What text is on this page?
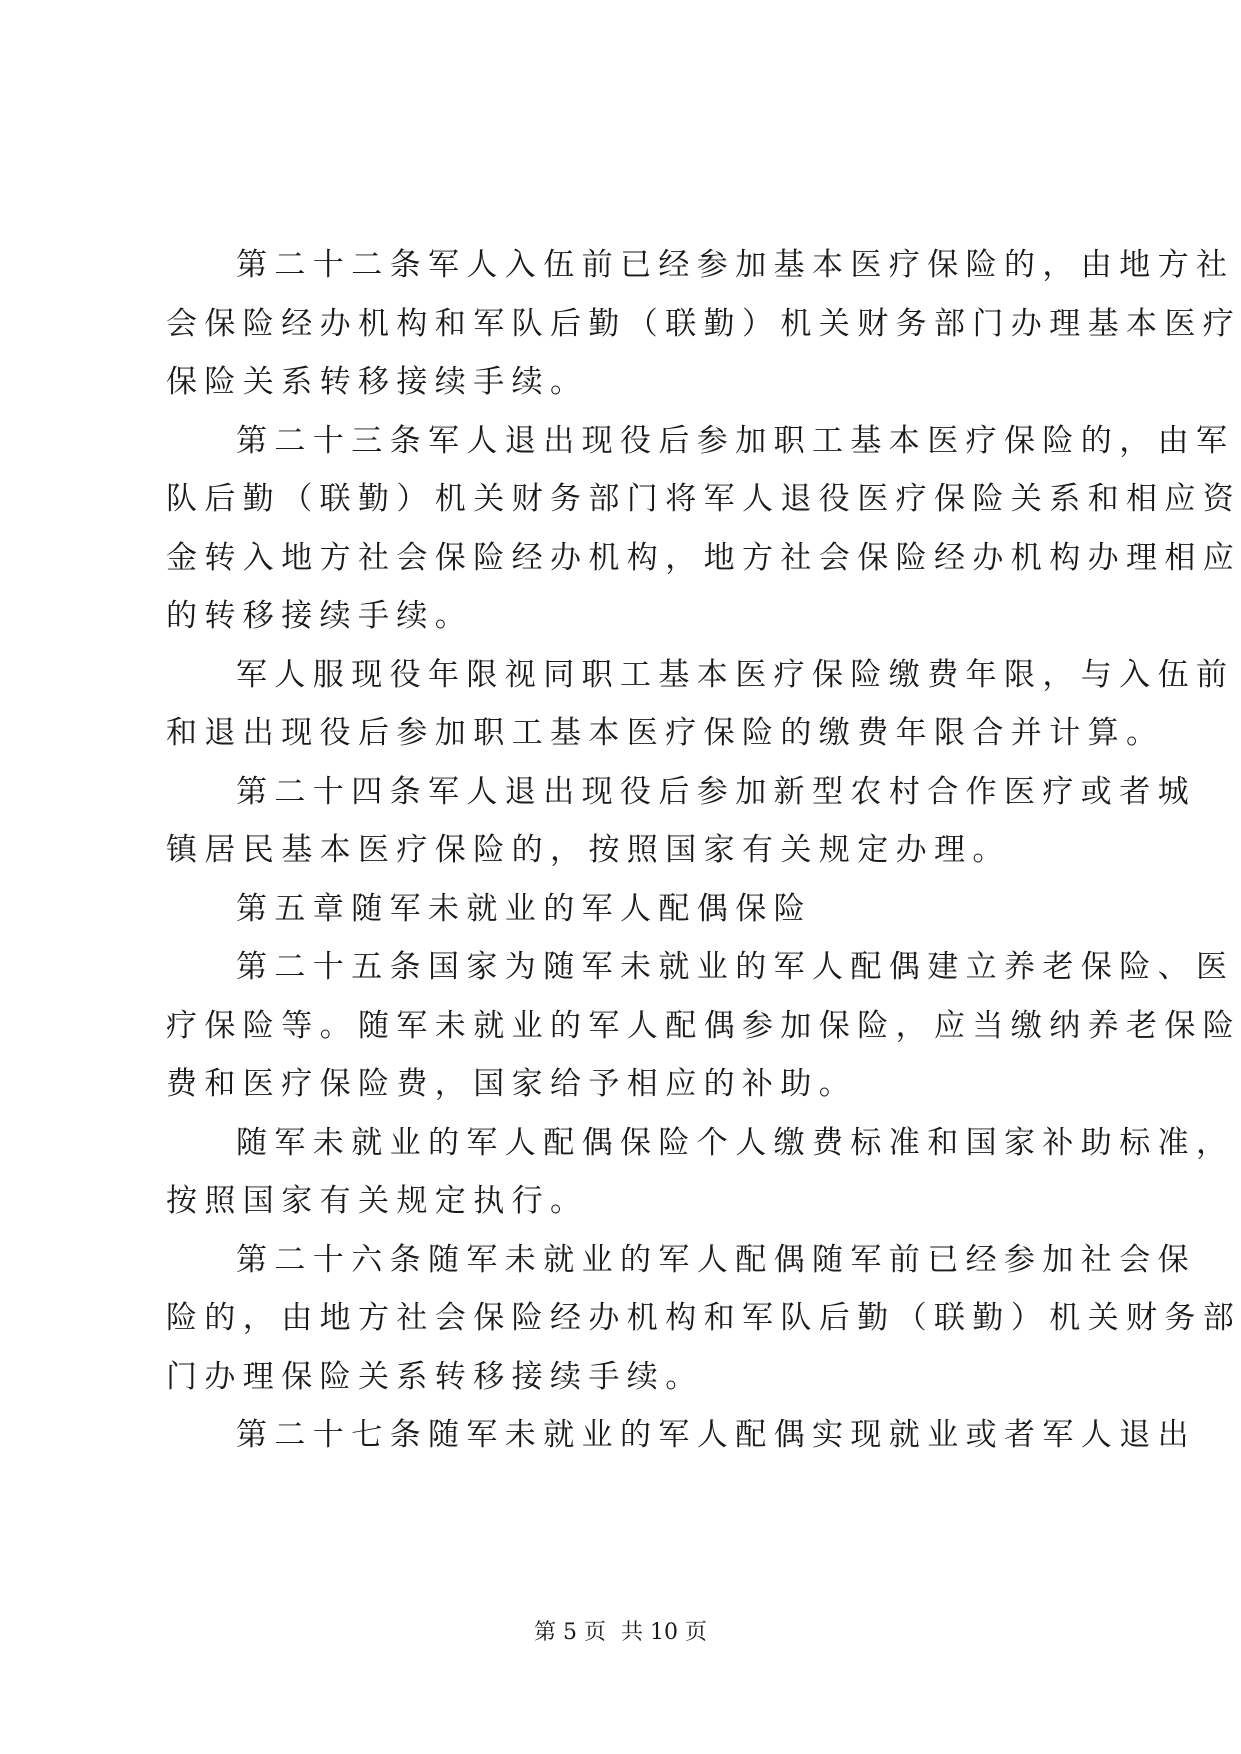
第二十二条军人入伍前已经参加基本医疗保险的，由地方社
会保险经办机构和军队后勤（联勤）机关财务部门办理基本医疗
保险关系转移接续手续。
第二十三条军人退出现役后参加职工基本医疗保险的，由军
队后勤（联勤）机关财务部门将军人退役医疗保险关系和相应资
金转入地方社会保险经办机构，地方社会保险经办机构办理相应
的转移接续手续。
军人服现役年限视同职工基本医疗保险缴费年限，与入伍前
和退出现役后参加职工基本医疗保险的缴费年限合并计算。
第二十四条军人退出现役后参加新型农村合作医疗或者城
镇居民基本医疗保险的，按照国家有关规定办理。
第五章随军未就业的军人配偶保险
第二十五条国家为随军未就业的军人配偶建立养老保险、医
疗保险等。随军未就业的军人配偶参加保险，应当缴纳养老保险
费和医疗保险费，国家给予相应的补助。
随军未就业的军人配偶保险个人缴费标准和国家补助标准，
按照国家有关规定执行。
第二十六条随军未就业的军人配偶随军前已经参加社会保
险的，由地方社会保险经办机构和军队后勤（联勤）机关财务部
门办理保险关系转移接续手续。
第二十七条随军未就业的军人配偶实现就业或者军人退出
第 5 页 共 10 页
